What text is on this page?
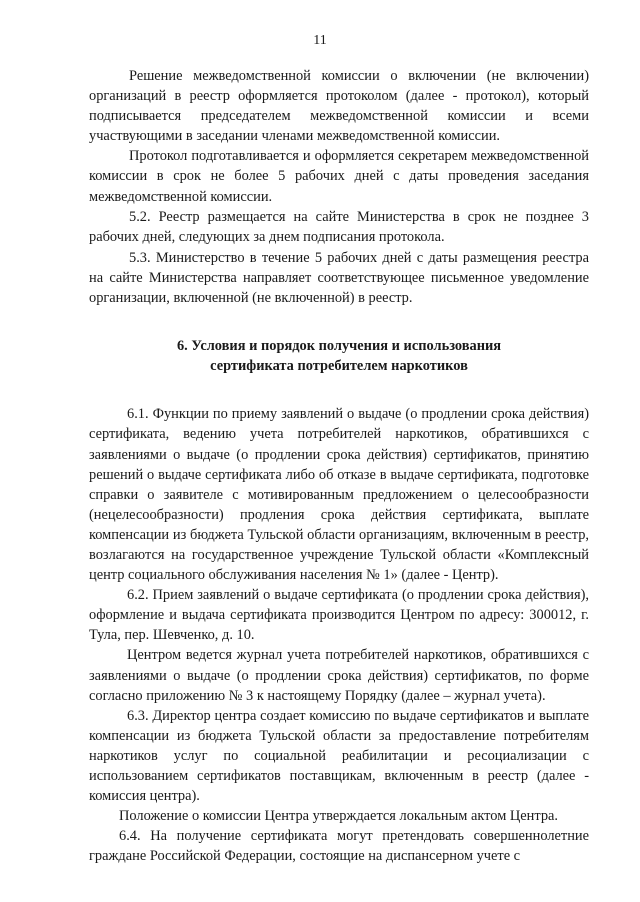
11

Решение межведомственной комиссии о включении (не включении) организаций в реестр оформляется протоколом (далее - протокол), который подписывается председателем межведомственной комиссии и всеми участвующими в заседании членами межведомственной комиссии.

Протокол подготавливается и оформляется секретарем межведомственной комиссии в срок не более 5 рабочих дней с даты проведения заседания межведомственной комиссии.

5.2. Реестр размещается на сайте Министерства в срок не позднее 3 рабочих дней, следующих за днем подписания протокола.

5.3. Министерство в течение 5 рабочих дней с даты размещения реестра на сайте Министерства направляет соответствующее письменное уведомление организации, включенной (не включенной) в реестр.

6. Условия и порядок получения и использования
сертификата потребителем наркотиков

6.1. Функции по приему заявлений о выдаче (о продлении срока действия) сертификата, ведению учета потребителей наркотиков, обратившихся с заявлениями о выдаче (о продлении срока действия) сертификатов, принятию решений о выдаче сертификата либо об отказе в выдаче сертификата, подготовке справки о заявителе с мотивированным предложением о целесообразности (нецелесообразности) продления срока действия сертификата, выплате компенсации из бюджета Тульской области организациям, включенным в реестр, возлагаются на государственное учреждение Тульской области «Комплексный центр социального обслуживания населения № 1» (далее - Центр).

6.2. Прием заявлений о выдаче сертификата (о продлении срока действия), оформление и выдача сертификата производится Центром по адресу: 300012, г. Тула, пер. Шевченко, д. 10.

Центром ведется журнал учета потребителей наркотиков, обратившихся с заявлениями о выдаче (о продлении срока действия) сертификатов, по форме согласно приложению № 3 к настоящему Порядку (далее – журнал учета).

6.3. Директор центра создает комиссию по выдаче сертификатов и выплате компенсации из бюджета Тульской области за предоставление потребителям наркотиков услуг по социальной реабилитации и ресоциализации с использованием сертификатов поставщикам, включенным в реестр (далее - комиссия центра).

Положение о комиссии Центра утверждается локальным актом Центра.

6.4. На получение сертификата могут претендовать совершеннолетние граждане Российской Федерации, состоящие на диспансерном учете с
